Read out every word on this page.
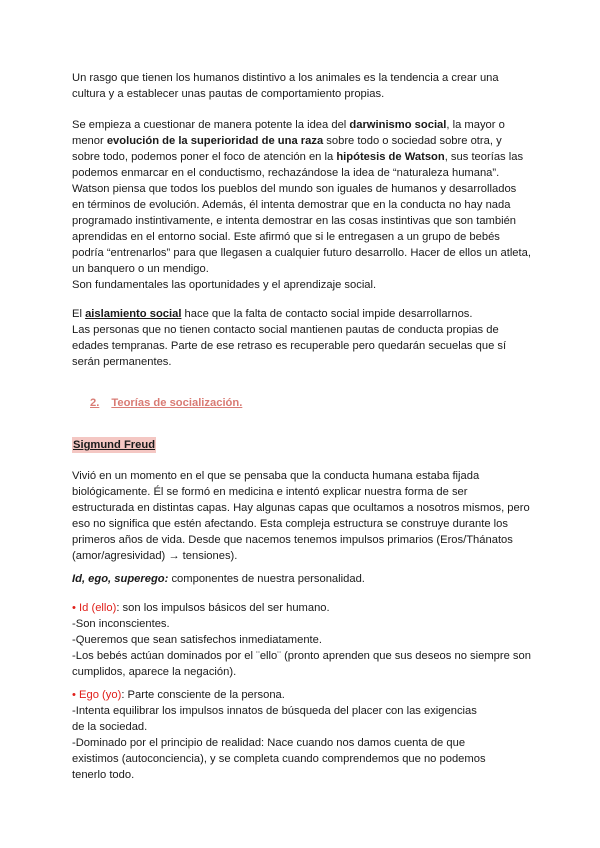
Un rasgo que tienen los humanos distintivo a los animales es la tendencia a crear una
cultura y a establecer unas pautas de comportamiento propias.
Se empieza a cuestionar de manera potente la idea del darwinismo social, la mayor o
menor evolución de la superioridad de una raza sobre todo o sociedad sobre otra, y
sobre todo, podemos poner el foco de atención en la hipótesis de Watson, sus teorías las
podemos enmarcar en el conductismo, rechazándose la idea de “naturaleza humana”.
Watson piensa que todos los pueblos del mundo son iguales de humanos y desarrollados
en términos de evolución. Además, él intenta demostrar que en la conducta no hay nada
programado instintivamente, e intenta demostrar en las cosas instintivas que son también
aprendidas en el entorno social. Este afirmó que si le entregasen a un grupo de bebés
podría “entrenarlos” para que llegasen a cualquier futuro desarrollo. Hacer de ellos un atleta,
un banquero o un mendigo.
Son fundamentales las oportunidades y el aprendizaje social.
El aislamiento social hace que la falta de contacto social impide desarrollarnos.
Las personas que no tienen contacto social mantienen pautas de conducta propias de
edades tempranas. Parte de ese retraso es recuperable pero quedarán secuelas que sí
serán permanentes.
2. Teorías de socialización.
Sigmund Freud
Vivió en un momento en el que se pensaba que la conducta humana estaba fijada
biológicamente. Él se formó en medicina e intentó explicar nuestra forma de ser
estructurada en distintas capas. Hay algunas capas que ocultamos a nosotros mismos, pero
eso no significa que estén afectando. Esta compleja estructura se construye durante los
primeros años de vida. Desde que nacemos tenemos impulsos primarios (Eros/Thánatos
(amor/agresividad) → tensiones).
Id, ego, superego: componentes de nuestra personalidad.
• Id (ello): son los impulsos básicos del ser humano.
-Son inconscientes.
-Queremos que sean satisfechos inmediatamente.
-Los bebés actúan dominados por el ¨ello¨ (pronto aprenden que sus deseos no siempre son
cumplidos, aparece la negación).
• Ego (yo): Parte consciente de la persona.
-Intenta equilibrar los impulsos innatos de búsqueda del placer con las exigencias
de la sociedad.
-Dominado por el principio de realidad: Nace cuando nos damos cuenta de que
existimos (autoconciencia), y se completa cuando comprendemos que no podemos
tenerlo todo.
